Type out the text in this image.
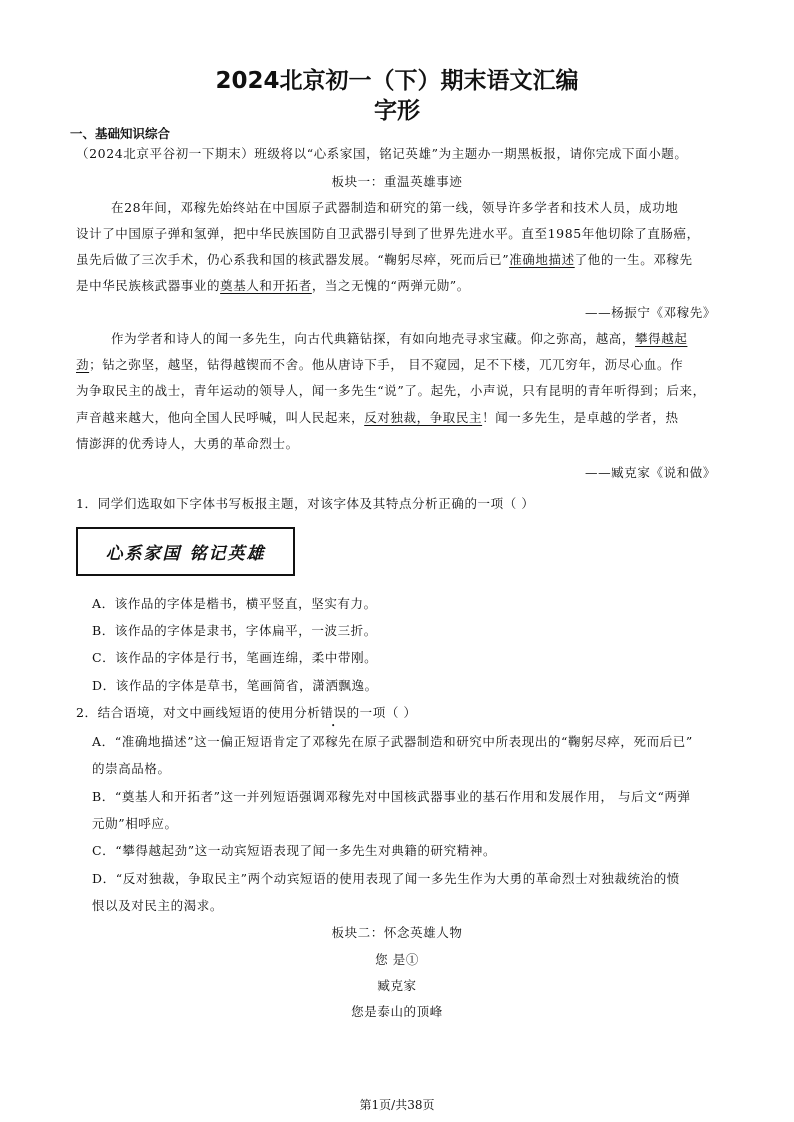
2024北京初一（下）期末语文汇编
字形
一、基础知识综合
（2024北京平谷初一下期末）班级将以“心系家国，铭记英雄”为主题办一期黑板报，请你完成下面小题。
板块一：重温英雄事迹
在28年间，邓稼先始终站在中国原子武器制造和研究的第一线，领导许多学者和技术人员，成功地
设计了中国原子弹和氢弹，把中华民族国防自卫武器引导到了世界先进水平。直至1985年他切除了直肠癌，
虽先后做了三次手术，仍心系我和国的核武器发展。“鞠躬尽瘁，死而后已”准确地描述了他的一生。邓稼先
是中华民族核武器事业的奠基人和开拓者，当之无愧的“两弹元勋”。
——杨振宁《邓稼先》
作为学者和诗人的闻一多先生，向古代典籍钻探，有如向地壳寻求宝藏。仰之弥高，越高，攀得越起
劲；钻之弥坚，越坚，钻得越锲而不舍。他从唐诗下手， 目不窥园，足不下楼，兀兀穷年，沥尽心血。作
为争取民主的战士，青年运动的领导人，闻一多先生“说”了。起先，小声说，只有昆明的青年听得到；后来，
声音越来越大，他向全国人民呼喊，叫人民起来，反对独裁，争取民主！闻一多先生，是卓越的学者，热
情澎湃的优秀诗人，大勇的革命烈士。
——臧克家《说和做》
1．同学们选取如下字体书写板报主题，对该字体及其特点分析正确的一项（ ）
心系家国 铭记英雄
A．该作品的字体是楷书，横平竖直，坚实有力。
B．该作品的字体是隶书，字体扁平，一波三折。
C．该作品的字体是行书，笔画连绵，柔中带刚。
D．该作品的字体是草书，笔画简省，潇洒飘逸。
2．结合语境，对文中画线短语的使用分析错误的一项（ ）
A．“准确地描述”这一偏正短语肯定了邓稼先在原子武器制造和研究中所表现出的“鞠躬尽瘁，死而后已”
的崇高品格。
B．“奠基人和开拓者”这一并列短语强调邓稼先对中国核武器事业的基石作用和发展作用， 与后文“两弹
元勋”相呼应。
C．“攀得越起劲”这一动宾短语表现了闻一多先生对典籍的研究精神。
D．“反对独裁，争取民主”两个动宾短语的使用表现了闻一多先生作为大勇的革命烈士对独裁统治的愤
恨以及对民主的渴求。
板块二：怀念英雄人物
您 是①
臧克家
您是泰山的顶峰
第1页/共38页
